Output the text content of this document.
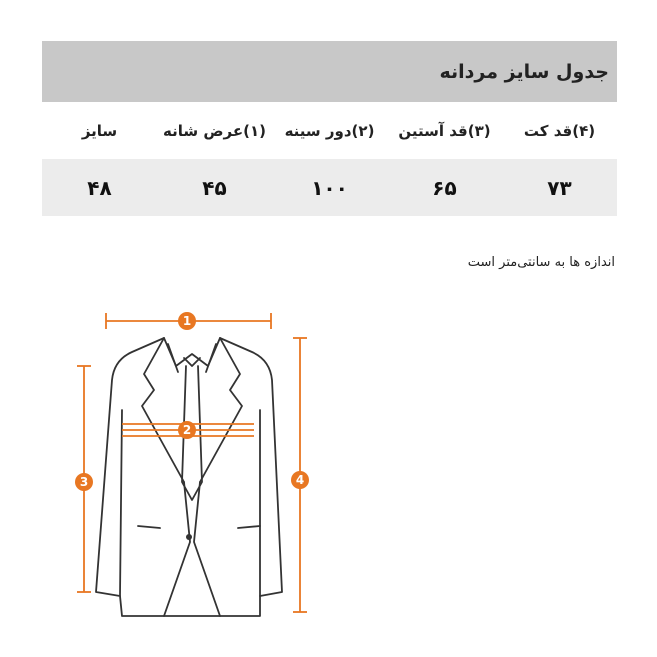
جدول سایز مردانه
(۴)قد کت
(۳)قد آستین
(۲)دور سینه
(۱)عرض شانه
سایز
۷۳
۶۵
۱۰۰
۴۵
۴۸
اندازه ها به سانتی‌متر است
1
2
3	4
